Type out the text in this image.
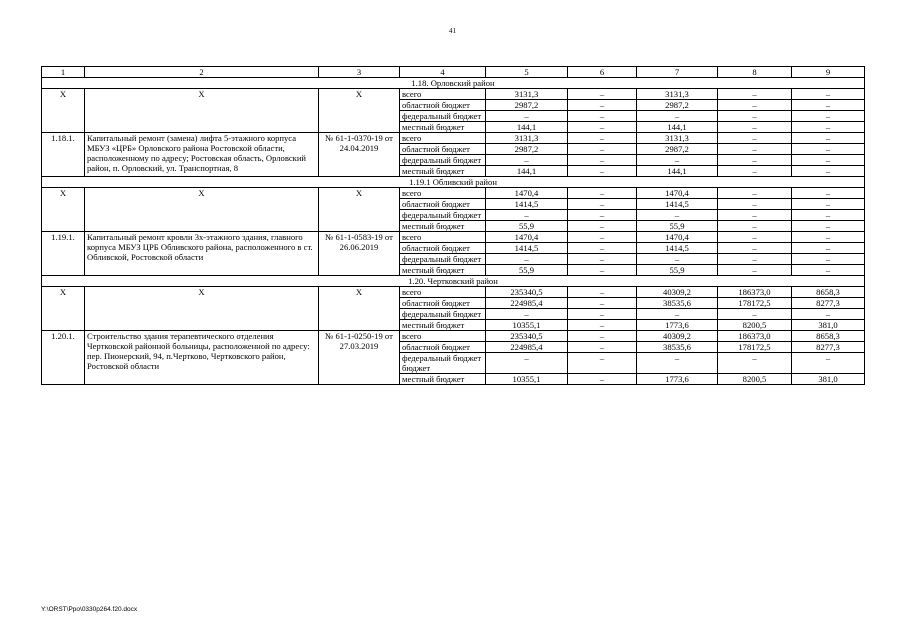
41
1	2	3	4	5	6	7	8	9
1.18. Орловский район								
X	X	X	всего	3131,3	–	3131,3	–	–
			областной бюджет	2987,2	–	2987,2	–	–
			федеральный бюджет	–	–	–	–	–
			местный бюджет	144,1	–	144,1	–	–
1.18.1.	Капитальный ремонт (замена) лифта 5-этажного корпуса МБУЗ «ЦРБ» Орловского района Ростовской области, расположенному по адресу; Ростовская область, Орловский район, п. Орловский, ул. Транспортная, 8	№ 61-1-0370-19 от 24.04.2019	всего	3131,3	–	3131,3	–	–
			областной бюджет	2987,2	–	2987,2	–	–
			федеральный бюджет	–	–	–	–	–
			местный бюджет	144,1	–	144,1	–	–
1.19.1 Обливский район								
X	X	X	всего	1470,4	–	1470,4	–	–
			областной бюджет	1414,5	–	1414,5	–	–
			федеральный бюджет	–	–	–	–	–
			местный бюджет	55,9	–	55,9	–	–
1.19.1.	Капитальный ремонт кровли 3х-этажного здания, главного корпуса МБУЗ ЦРБ Обливского района, расположенного в ст. Обливской, Ростовской области	№ 61-1-0583-19 от 26.06.2019	всего	1470,4	–	1470,4	–	–
			областной бюджет	1414,5	–	1414,5	–	–
			федеральный бюджет	–	–	–	–	–
			местный бюджет	55,9	–	55,9	–	–
1.20. Чертковский район								
X	X	X	всего	235340,5	–	40309,2	186373,0	8658,3
			областной бюджет	224985,4	–	38535,6	178172,5	8277,3
			федеральный бюджет	–	–	–	–	–
			местный бюджет	10355,1	–	1773,6	8200,5	381,0
1.20.1.	Строительство здания терапевтического отделения Чертковской районной больницы, расположенной по адресу: пер. Пионерский, 94, п.Чертково, Чертковского район, Ростовской области	№ 61-1-0250-19 от 27.03.2019	всего	235340,5	–	40309,2	186373,0	8658,3
			областной бюджет	224985,4	–	38535,6	178172,5	8277,3
			федеральный бюджет бюджет	–	–	–	–	–
			местный бюджет	10355,1	–	1773,6	8200,5	381,0
Y:\ORST\Ppo\0330p264.f20.docx
